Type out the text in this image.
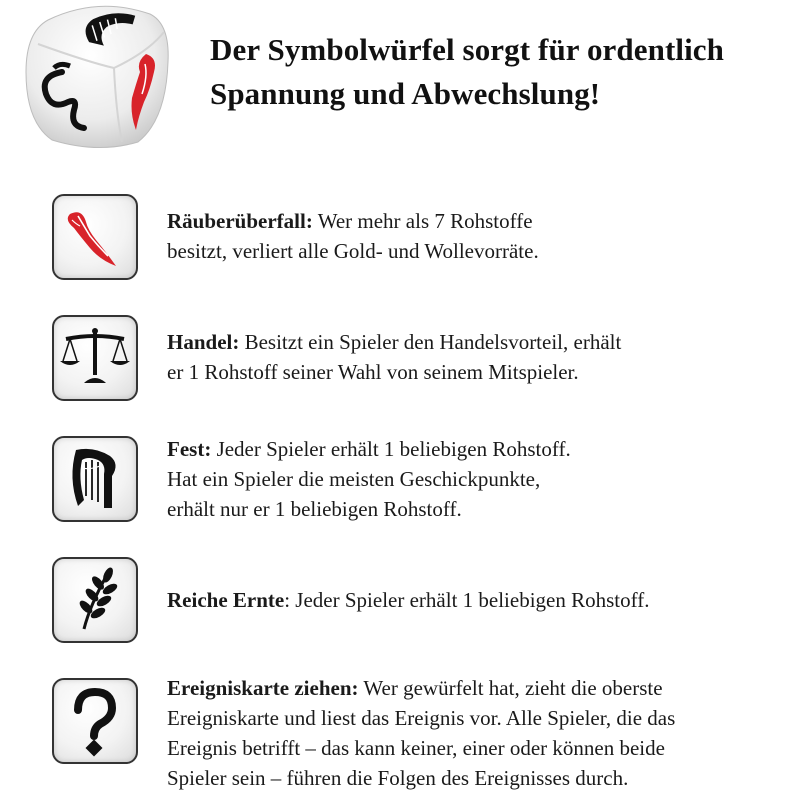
Der Symbolwürfel sorgt für ordentlich
Spannung und Abwechslung!
Räuberüberfall: Wer mehr als 7 Rohstoffe
besitzt, verliert alle Gold- und Wollevorräte.
Handel: Besitzt ein Spieler den Handelsvorteil, erhält
er 1 Rohstoff seiner Wahl von seinem Mitspieler.
Fest: Jeder Spieler erhält 1 beliebigen Rohstoff.
Hat ein Spieler die meisten Geschickpunkte,
erhält nur er 1 beliebigen Rohstoff.
Reiche Ernte: Jeder Spieler erhält 1 beliebigen Rohstoff.
Ereigniskarte ziehen: Wer gewürfelt hat, zieht die oberste
Ereigniskarte und liest das Ereignis vor. Alle Spieler, die das
Ereignis betrifft – das kann keiner, einer oder können beide
Spieler sein – führen die Folgen des Ereignisses durch.
